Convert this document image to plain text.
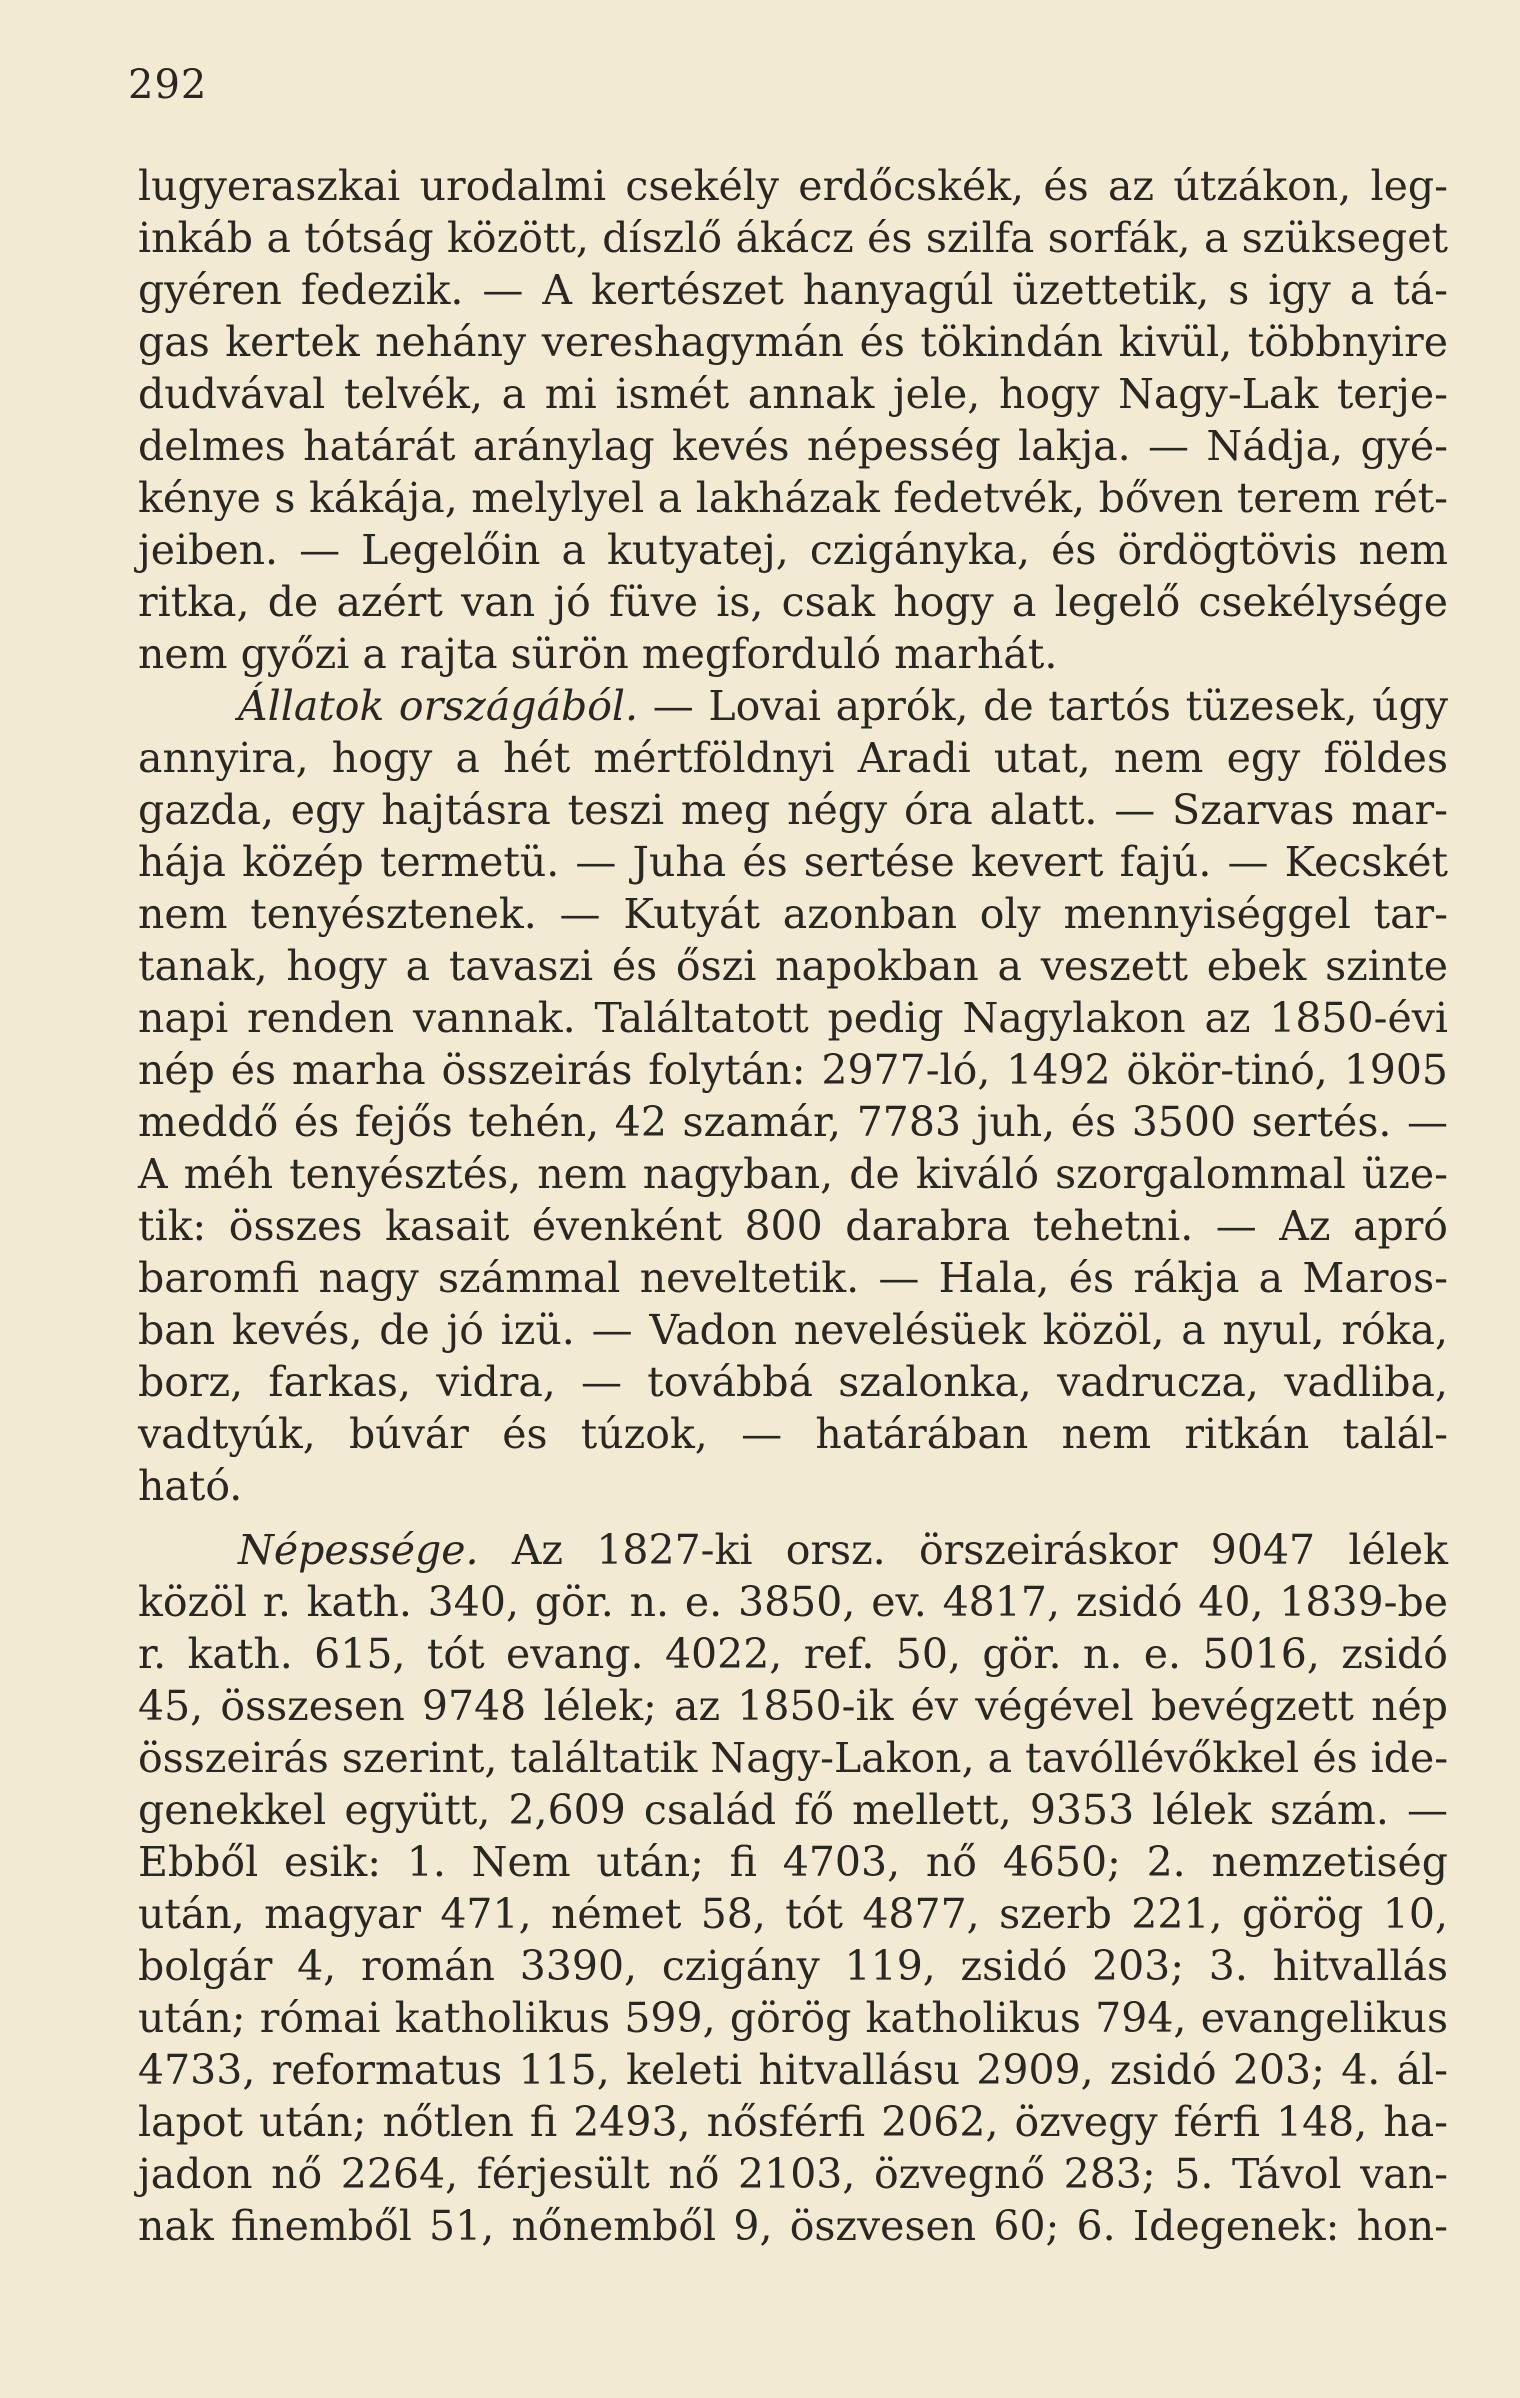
292
lugyeraszkai urodalmi csekély erdőcskék, és az útzákon, leg-
inkáb a tótság között, díszlő ákácz és szilfa sorfák, a szükseget
gyéren fedezik. — A kertészet hanyagúl üzettetik, s igy a tá-
gas kertek nehány vereshagymán és tökindán kivül, többnyire
dudvával telvék, a mi ismét annak jele, hogy Nagy-Lak terje-
delmes határát aránylag kevés népesség lakja. — Nádja, gyé-
kénye s kákája, melylyel a lakházak fedetvék, bőven terem rét-
jeiben. — Legelőin a kutyatej, czigányka, és ördögtövis nem
ritka, de azért van jó füve is, csak hogy a legelő csekélysége
nem győzi a rajta sürön megforduló marhát.
Állatok országából. — Lovai aprók, de tartós tüzesek, úgy
annyira, hogy a hét mértföldnyi Aradi utat, nem egy földes
gazda, egy hajtásra teszi meg négy óra alatt. — Szarvas mar-
hája közép termetü. — Juha és sertése kevert fajú. — Kecskét
nem tenyésztenek. — Kutyát azonban oly mennyiséggel tar-
tanak, hogy a tavaszi és őszi napokban a veszett ebek szinte
napi renden vannak. Találtatott pedig Nagylakon az 1850-évi
nép és marha összeirás folytán: 2977-ló, 1492 ökör-tinó, 1905
meddő és fejős tehén, 42 szamár, 7783 juh, és 3500 sertés. —
A méh tenyésztés, nem nagyban, de kiváló szorgalommal üze-
tik: összes kasait évenként 800 darabra tehetni. — Az apró
baromfi nagy számmal neveltetik. — Hala, és rákja a Maros-
ban kevés, de jó izü. — Vadon nevelésüek közöl, a nyul, róka,
borz, farkas, vidra, — továbbá szalonka, vadrucza, vadliba,
vadtyúk, búvár és túzok, — határában nem ritkán talál-
ható.
Népessége. Az 1827-ki orsz. örszeiráskor 9047 lélek
közöl r. kath. 340, gör. n. e. 3850, ev. 4817, zsidó 40, 1839-be
r. kath. 615, tót evang. 4022, ref. 50, gör. n. e. 5016, zsidó
45, összesen 9748 lélek; az 1850-ik év végével bevégzett nép
összeirás szerint, találtatik Nagy-Lakon, a tavóllévőkkel és ide-
genekkel együtt, 2,609 család fő mellett, 9353 lélek szám. —
Ebből esik: 1. Nem után; fi 4703, nő 4650; 2. nemzetiség
után, magyar 471, német 58, tót 4877, szerb 221, görög 10,
bolgár 4, román 3390, czigány 119, zsidó 203; 3. hitvallás
után; római katholikus 599, görög katholikus 794, evangelikus
4733, reformatus 115, keleti hitvallásu 2909, zsidó 203; 4. ál-
lapot után; nőtlen fi 2493, nősférfi 2062, özvegy férfi 148, ha-
jadon nő 2264, férjesült nő 2103, özvegnő 283; 5. Távol van-
nak finemből 51, nőnemből 9, öszvesen 60; 6. Idegenek: hon-
